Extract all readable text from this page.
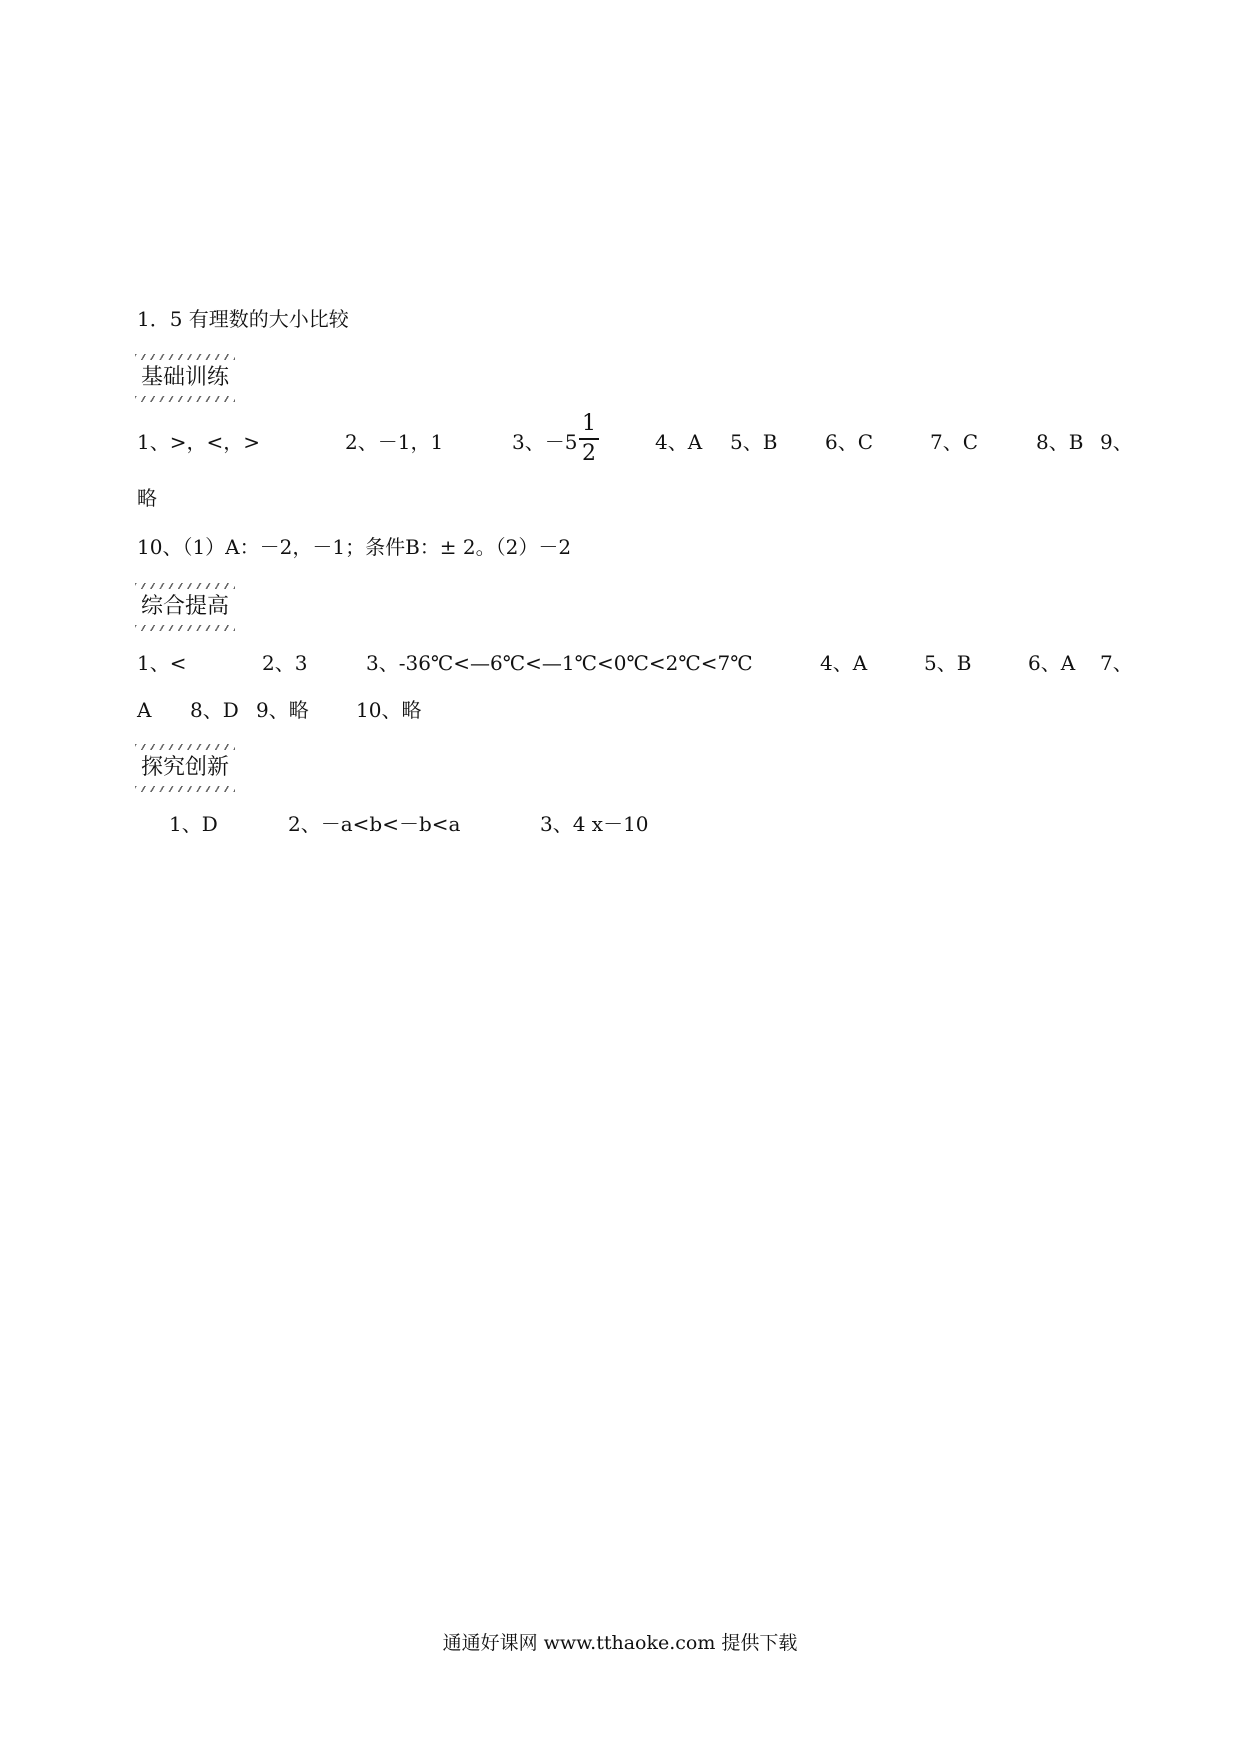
1．5 有理数的大小比较
基础训练
1、>，<，>	2、－1，1	3、－5
1
2	4、A 5、B 6、C	7、C	8、B 9、
略
10、（1）A：－2，－1；条件B：± 2。（2）－2
综合提高
1、<	2、3	3、-36℃<—6℃<—1℃<0℃<2℃<7℃	4、A	5、B	6、A 7、
A 8、D 9、略 10、略
探究创新
1、D	2、－a<b<－b<a	3、4 x－10
通通好课网 www.tthaoke.com 提供下载
